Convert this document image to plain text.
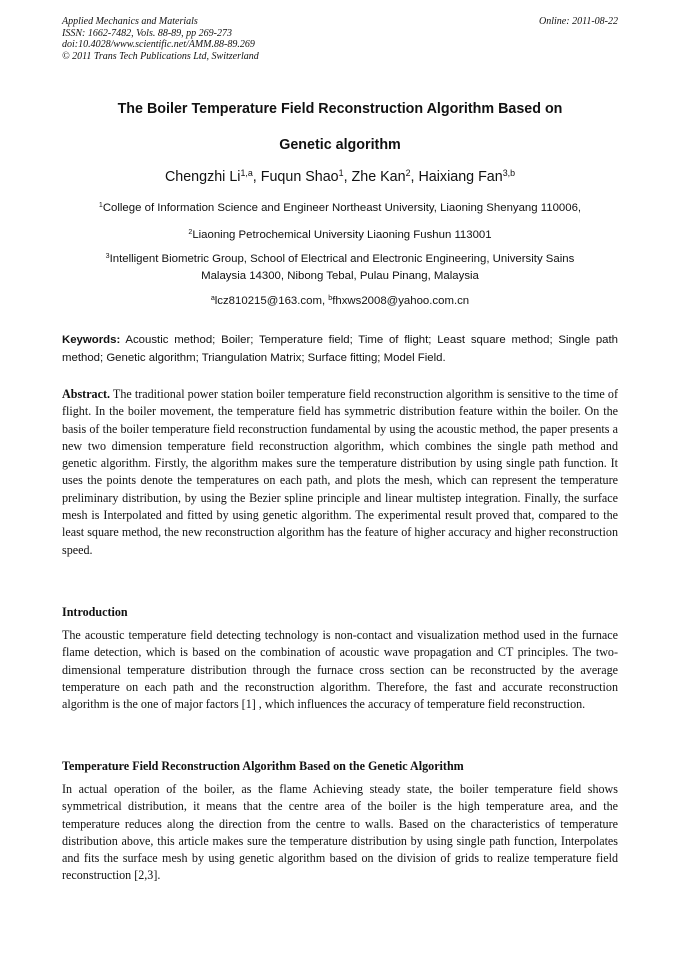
Applied Mechanics and Materials
ISSN: 1662-7482, Vols. 88-89, pp 269-273
doi:10.4028/www.scientific.net/AMM.88-89.269
© 2011 Trans Tech Publications Ltd, Switzerland
Online: 2011-08-22
The Boiler Temperature Field Reconstruction Algorithm Based on
Genetic algorithm
Chengzhi Li$^{1,a}$, Fuqun Shao$^1$, Zhe Kan$^2$, Haixiang Fan$^{3,b}$
$^1$College of Information Science and Engineer Northeast University, Liaoning Shenyang 110006,
$^2$Liaoning Petrochemical University Liaoning Fushun 113001
$^3$Intelligent Biometric Group, School of Electrical and Electronic Engineering, University Sains
Malaysia 14300, Nibong Tebal, Pulau Pinang, Malaysia
$^a$lcz810215@163.com, $^b$fhxws2008@yahoo.com.cn
Keywords: Acoustic method; Boiler; Temperature field; Time of flight; Least square method; Single path method; Genetic algorithm; Triangulation Matrix; Surface fitting; Model Field.
Abstract. The traditional power station boiler temperature field reconstruction algorithm is sensitive to the time of flight. In the boiler movement, the temperature field has symmetric distribution feature within the boiler. On the basis of the boiler temperature field reconstruction fundamental by using the acoustic method, the paper presents a new two dimension temperature field reconstruction algorithm, which combines the single path method and genetic algorithm. Firstly, the algorithm makes sure the temperature distribution by using single path function. It uses the points denote the temperatures on each path, and plots the mesh, which can represent the temperature preliminary distribution, by using the Bezier spline principle and linear multistep integration. Finally, the surface mesh is Interpolated and fitted by using genetic algorithm. The experimental result proved that, compared to the least square method, the new reconstruction algorithm has the feature of higher accuracy and higher reconstruction speed.
Introduction
The acoustic temperature field detecting technology is non-contact and visualization method used in the furnace flame detection, which is based on the combination of acoustic wave propagation and CT principles. The two-dimensional temperature distribution through the furnace cross section can be reconstructed by the average temperature on each path and the reconstruction algorithm. Therefore, the fast and accurate reconstruction algorithm is the one of major factors [1] , which influences the accuracy of temperature field reconstruction.
Temperature Field Reconstruction Algorithm Based on the Genetic Algorithm
In actual operation of the boiler, as the flame Achieving steady state, the boiler temperature field shows symmetrical distribution, it means that the centre area of the boiler is the high temperature area, and the temperature reduces along the direction from the centre to walls. Based on the characteristics of temperature distribution above, this article makes sure the temperature distribution by using single path function, Interpolates and fits the surface mesh by using genetic algorithm based on the division of grids to realize temperature field reconstruction [2,3].
